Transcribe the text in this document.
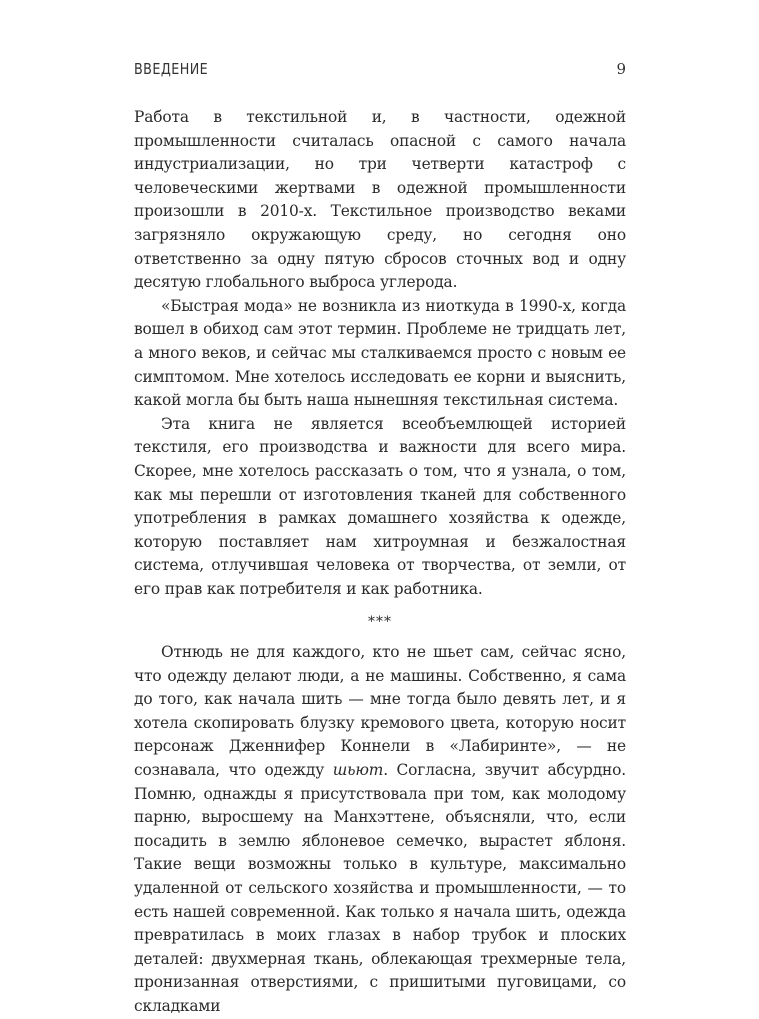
ВВЕДЕНИЕ	9

Работа в текстильной и, в частности, одежной промышленности считалась опасной с самого начала индустриализации, но три четверти катастроф с человеческими жертвами в одежной промышленности произошли в 2010-х. Текстильное производство веками загрязняло окружающую среду, но сегодня оно ответственно за одну пятую сбросов сточных вод и одну десятую глобального выброса углерода.

«Быстрая мода» не возникла из ниоткуда в 1990-х, когда вошел в обиход сам этот термин. Проблеме не тридцать лет, а много веков, и сейчас мы сталкиваемся просто с новым ее симптомом. Мне хотелось исследовать ее корни и выяснить, какой могла бы быть наша нынешняя текстильная система.

Эта книга не является всеобъемлющей историей текстиля, его производства и важности для всего мира. Скорее, мне хотелось рассказать о том, что я узнала, о том, как мы перешли от изготовления тканей для собственного употребления в рамках домашнего хозяйства к одежде, которую поставляет нам хитроумная и безжалостная система, отлучившая человека от творчества, от земли, от его прав как потребителя и как работника.

***

Отнюдь не для каждого, кто не шьет сам, сейчас ясно, что одежду делают люди, а не машины. Собственно, я сама до того, как начала шить — мне тогда было девять лет, и я хотела скопировать блузку кремового цвета, которую носит персонаж Дженнифер Коннели в «Лабиринте», — не сознавала, что одежду шьют. Согласна, звучит абсурдно. Помню, однажды я присутствовала при том, как молодому парню, выросшему на Манхэттене, объясняли, что, если посадить в землю яблоневое семечко, вырастет яблоня. Такие вещи возможны только в культуре, максимально удаленной от сельского хозяйства и промышленности, — то есть нашей современной. Как только я начала шить, одежда превратилась в моих глазах в набор трубок и плоских деталей: двухмерная ткань, облекающая трехмерные тела, пронизанная отверстиями, с пришитыми пуговицами, со складками
